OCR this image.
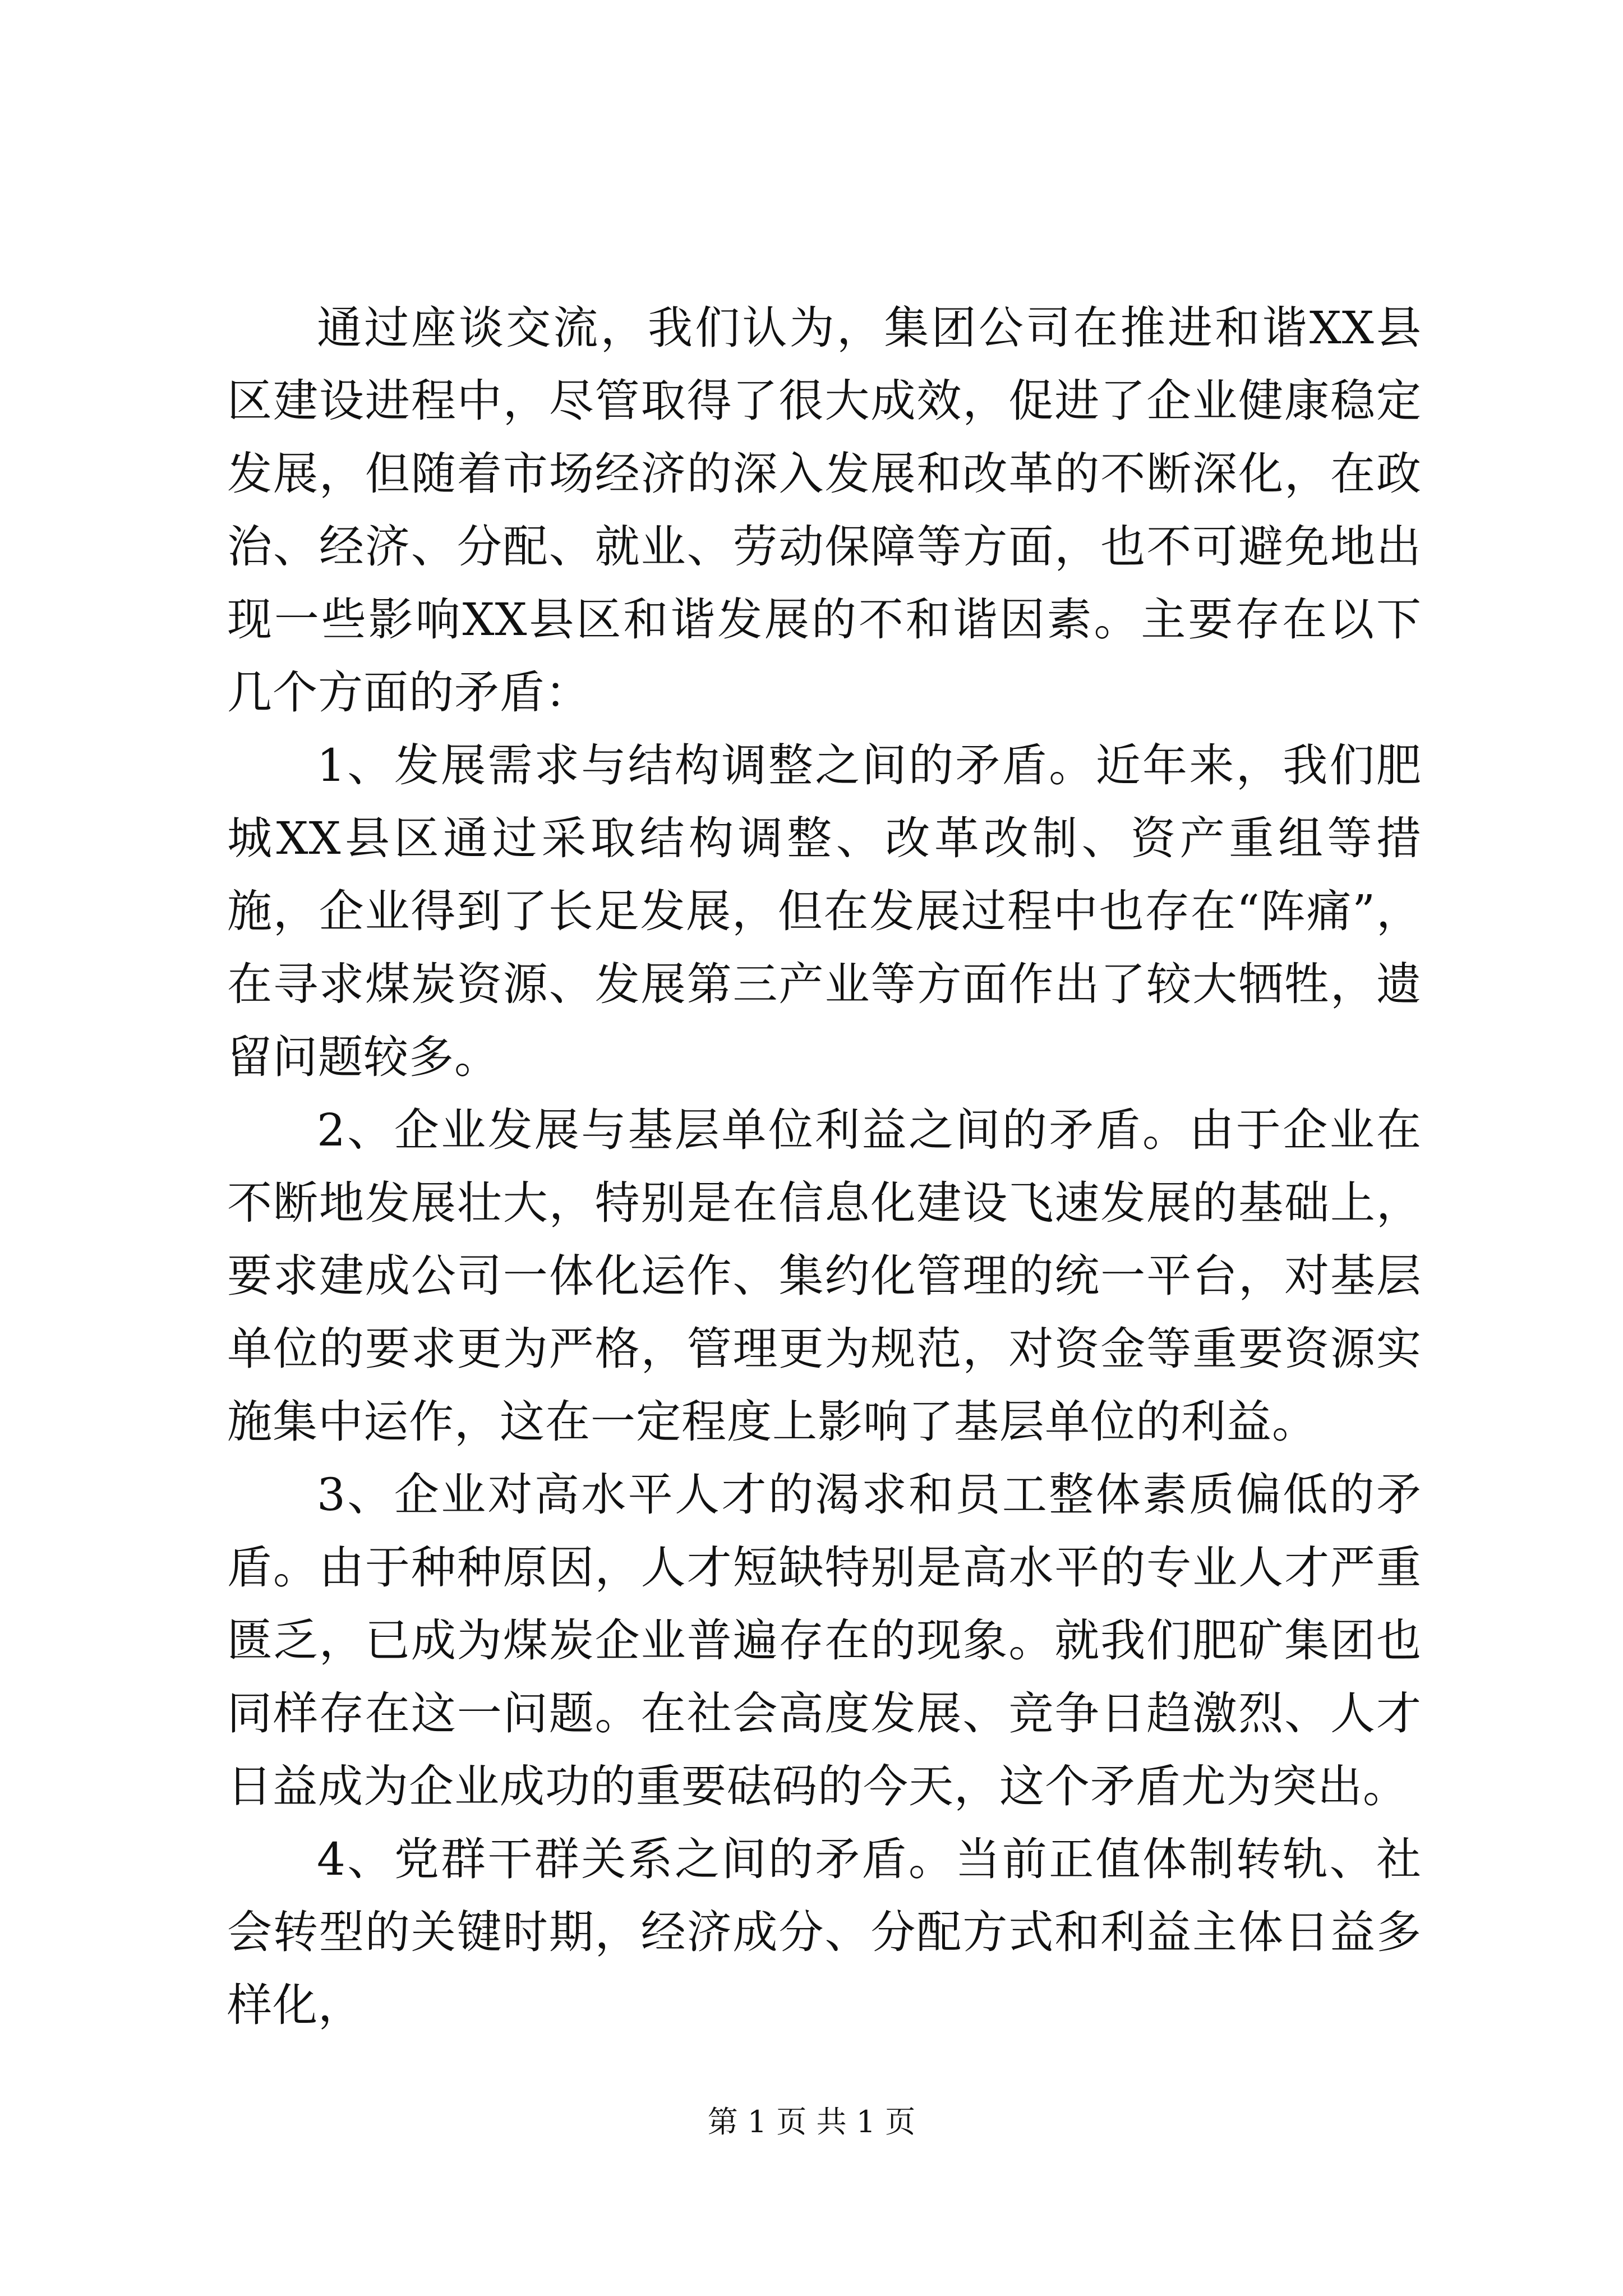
通过座谈交流，我们认为，集团公司在推进和谐XX县区建设进程中，尽管取得了很大成效，促进了企业健康稳定发展，但随着市场经济的深入发展和改革的不断深化，在政治、经济、分配、就业、劳动保障等方面，也不可避免地出现一些影响XX县区和谐发展的不和谐因素。主要存在以下几个方面的矛盾：

1、发展需求与结构调整之间的矛盾。近年来，我们肥城XX县区通过采取结构调整、改革改制、资产重组等措施，企业得到了长足发展，但在发展过程中也存在“阵痛”，在寻求煤炭资源、发展第三产业等方面作出了较大牺牲，遗留问题较多。

2、企业发展与基层单位利益之间的矛盾。由于企业在不断地发展壮大，特别是在信息化建设飞速发展的基础上，要求建成公司一体化运作、集约化管理的统一平台，对基层单位的要求更为严格，管理更为规范，对资金等重要资源实施集中运作，这在一定程度上影响了基层单位的利益。

3、企业对高水平人才的渴求和员工整体素质偏低的矛盾。由于种种原因，人才短缺特别是高水平的专业人才严重匮乏，已成为煤炭企业普遍存在的现象。就我们肥矿集团也同样存在这一问题。在社会高度发展、竞争日趋激烈、人才日益成为企业成功的重要砝码的今天，这个矛盾尤为突出。

4、党群干群关系之间的矛盾。当前正值体制转轨、社会转型的关键时期，经济成分、分配方式和利益主体日益多样化，

第 1 页 共 1 页
